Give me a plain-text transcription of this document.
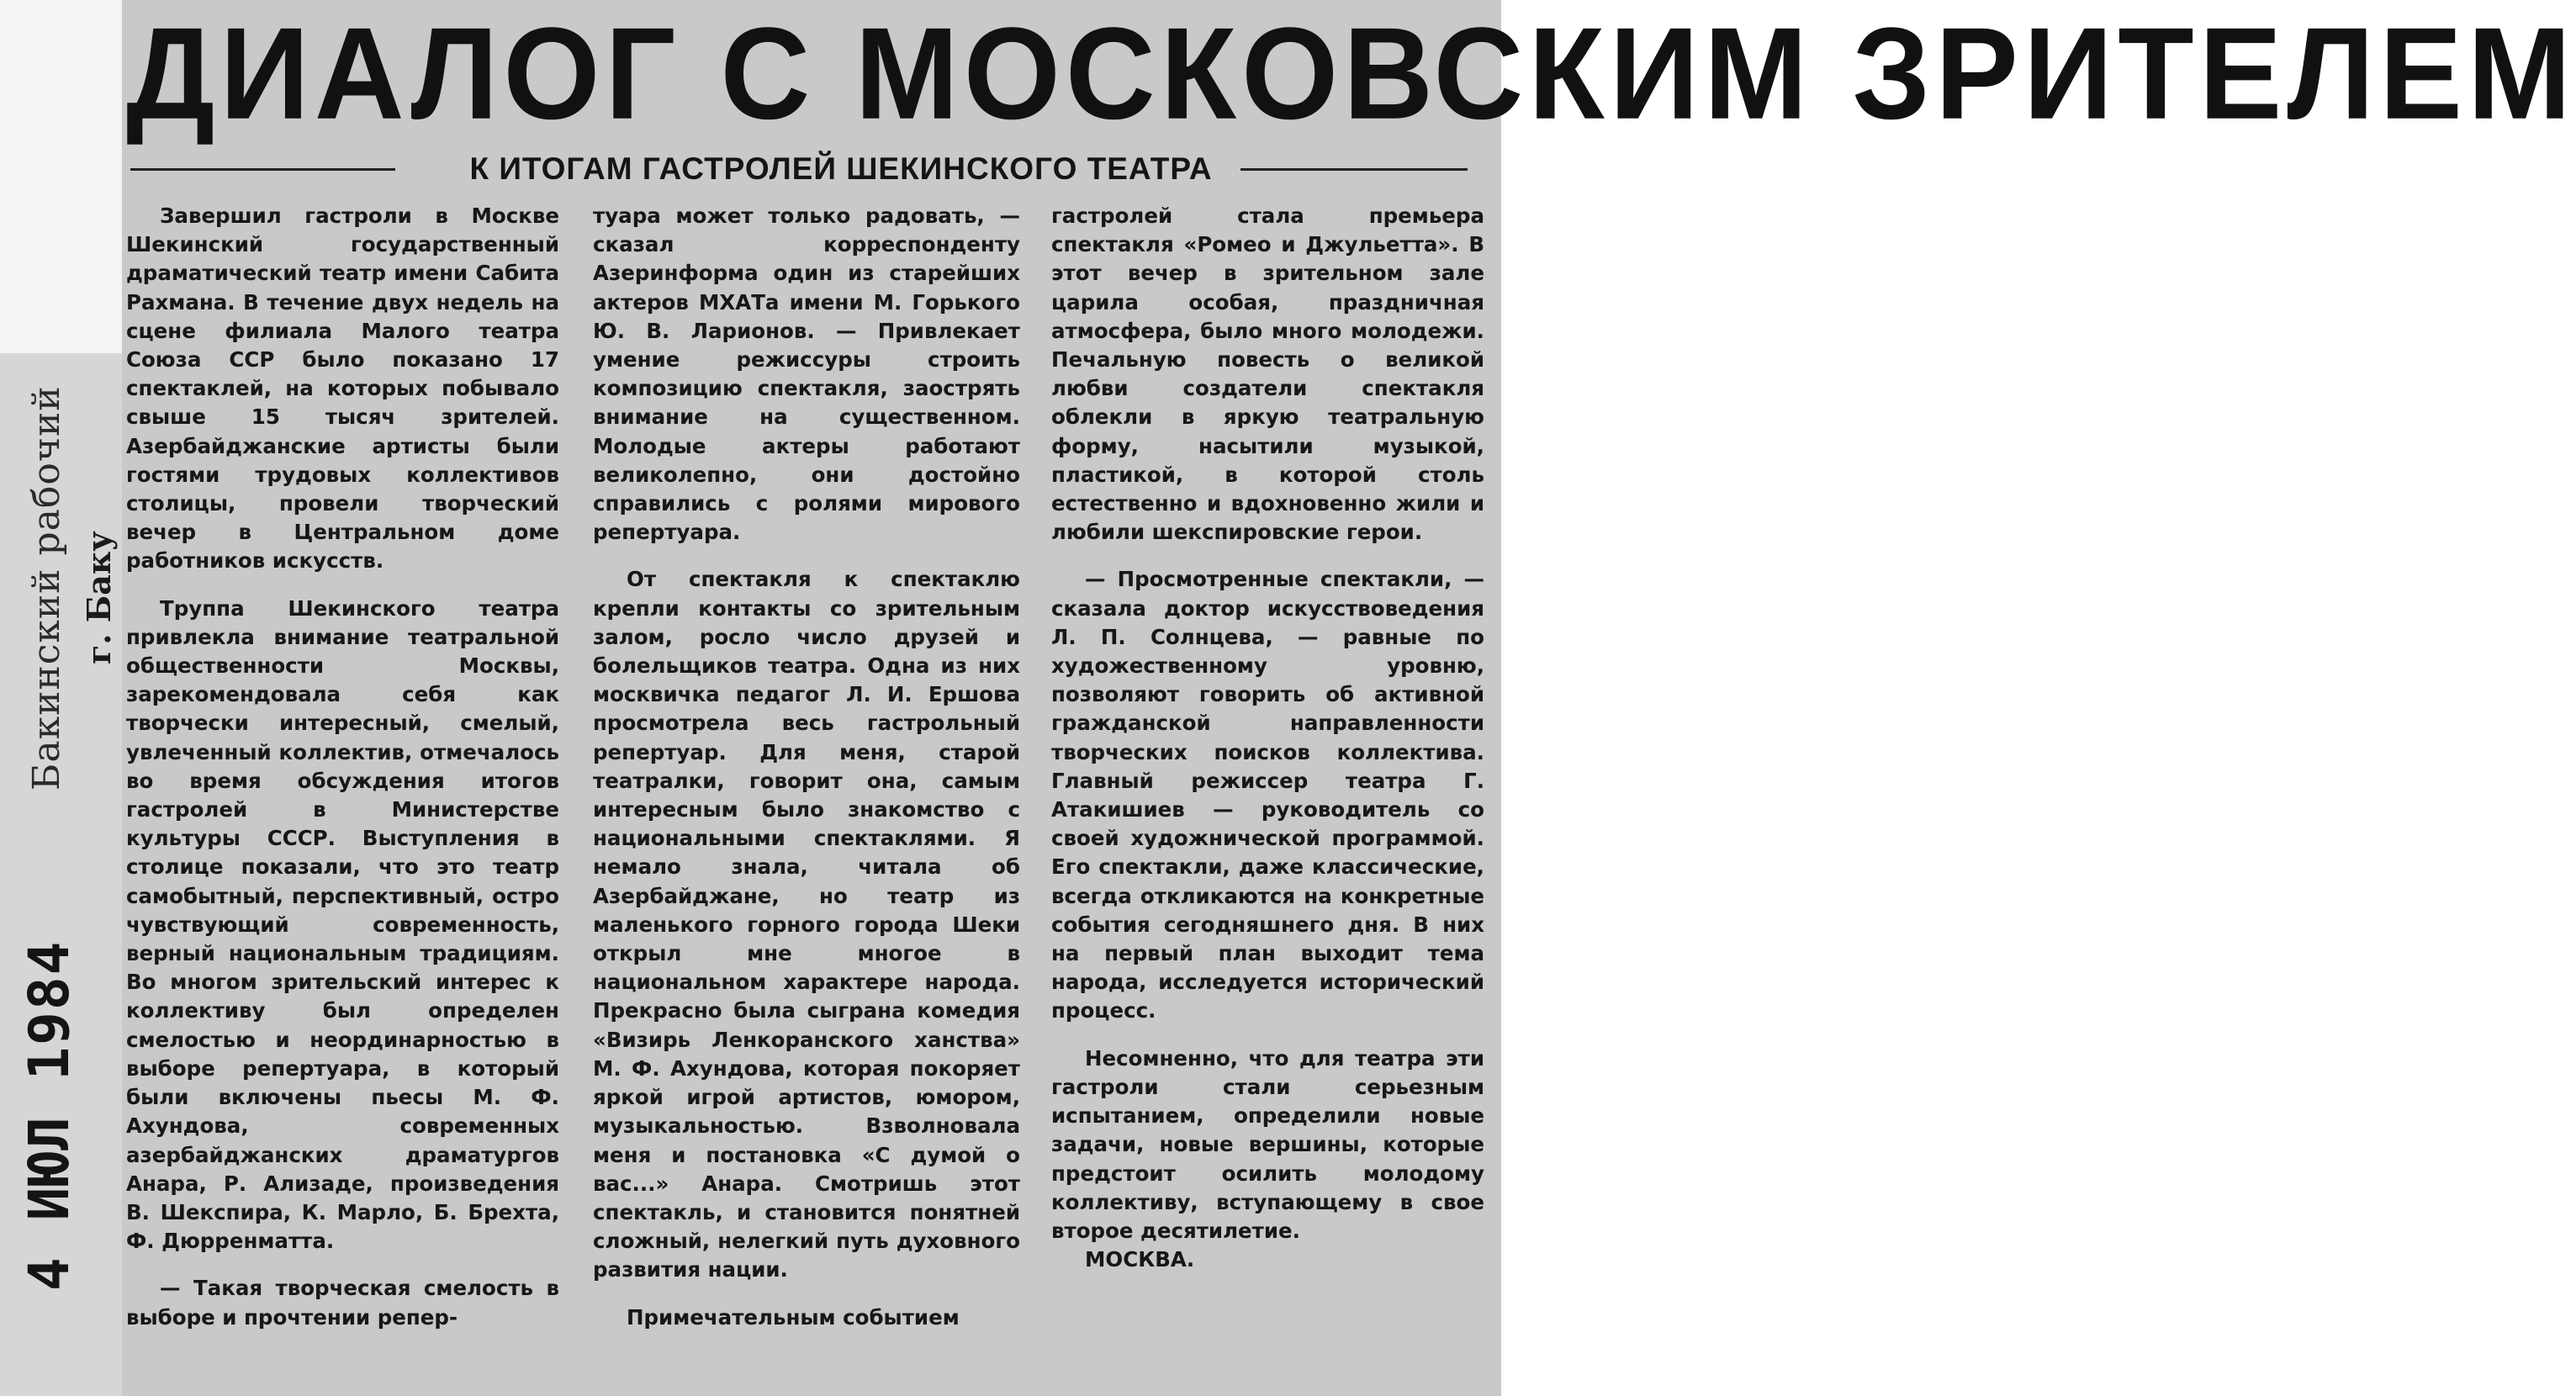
Бакинский рабочий г. Баку
4 ИЮЛ 1984
ДИАЛОГ С МОСКОВСКИМ ЗРИТЕЛЕМ
К ИТОГАМ ГАСТРОЛЕЙ ШЕКИНСКОГО ТЕАТРА

Завершил гастроли в Москве Шекинский государственный драматический театр имени Сабита Рахмана. В течение двух недель на сцене филиала Малого театра Союза ССР было показано 17 спектаклей, на которых побывало свыше 15 тысяч зрителей. Азербайджанские артисты были гостями трудовых коллективов столицы, провели творческий вечер в Центральном доме работников искусств.

Труппа Шекинского театра привлекла внимание театральной общественности Москвы, зарекомендовала себя как творчески интересный, смелый, увлеченный коллектив, отмечалось во время обсуждения итогов гастролей в Министерстве культуры СССР. Выступления в столице показали, что это театр самобытный, перспективный, остро чувствующий современность, верный национальным традициям. Во многом зрительский интерес к коллективу был определен смелостью и неординарностью в выборе репертуара, в который были включены пьесы М. Ф. Ахундова, современных азербайджанских драматургов Анара, Р. Ализаде, произведения В. Шекспира, К. Марло, Б. Брехта, Ф. Дюрренматта.

— Такая творческая смелость в выборе и прочтении репер-

туара может только радовать, — сказал корреспонденту Азеринформа один из старейших актеров МХАТа имени М. Горького Ю. В. Ларионов. — Привлекает умение режиссуры строить композицию спектакля, заострять внимание на существенном. Молодые актеры работают великолепно, они достойно справились с ролями мирового репертуара.

От спектакля к спектаклю крепли контакты со зрительным залом, росло число друзей и болельщиков театра. Одна из них москвичка педагог Л. И. Ершова просмотрела весь гастрольный репертуар. Для меня, старой театралки, говорит она, самым интересным было знакомство с национальными спектаклями. Я немало знала, читала об Азербайджане, но театр из маленького горного города Шеки открыл мне многое в национальном характере народа. Прекрасно была сыграна комедия «Визирь Ленкоранского ханства» М. Ф. Ахундова, которая покоряет яркой игрой артистов, юмором, музыкальностью. Взволновала меня и постановка «С думой о вас...» Анара. Смотришь этот спектакль, и становится понятней сложный, нелегкий путь духовного развития нации.

Примечательным событием

гастролей стала премьера спектакля «Ромео и Джульетта». В этот вечер в зрительном зале царила особая, праздничная атмосфера, было много молодежи. Печальную повесть о великой любви создатели спектакля облекли в яркую театральную форму, насытили музыкой, пластикой, в которой столь естественно и вдохновенно жили и любили шекспировские герои.

— Просмотренные спектакли, — сказала доктор искусствоведения Л. П. Солнцева, — равные по художественному уровню, позволяют говорить об активной гражданской направленности творческих поисков коллектива. Главный режиссер театра Г. Атакишиев — руководитель со своей художнической программой. Его спектакли, даже классические, всегда откликаются на конкретные события сегодняшнего дня. В них на первый план выходит тема народа, исследуется исторический процесс.

Несомненно, что для театра эти гастроли стали серьезным испытанием, определили новые задачи, новые вершины, которые предстоит осилить молодому коллективу, вступающему в свое второе десятилетие.

МОСКВА.
